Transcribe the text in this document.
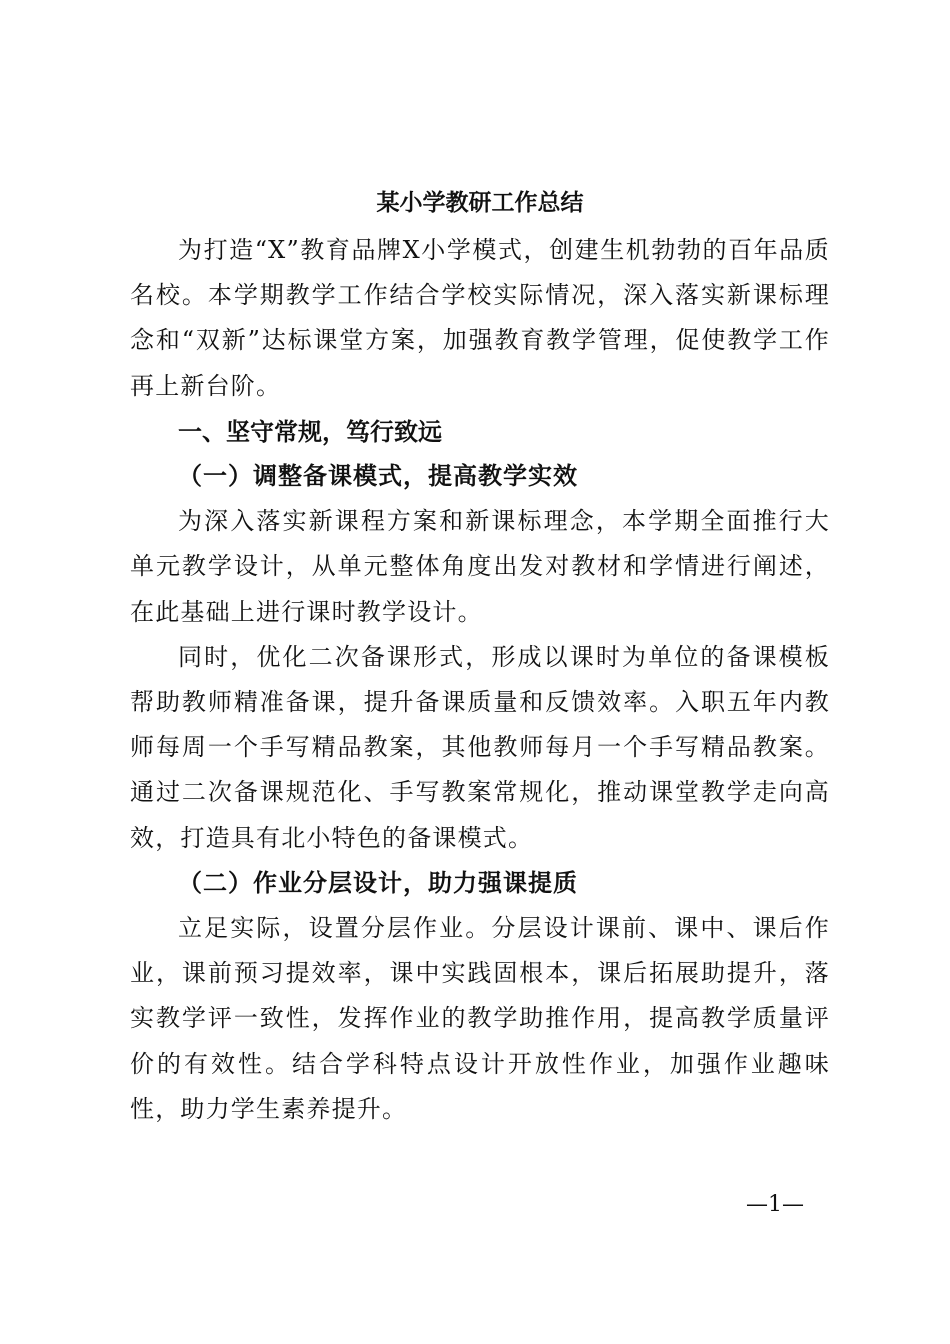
某小学教研工作总结

为打造“X”教育品牌X小学模式，创建生机勃勃的百年品质名校。本学期教学工作结合学校实际情况，深入落实新课标理念和“双新”达标课堂方案，加强教育教学管理，促使教学工作再上新台阶。

一、坚守常规，笃行致远

（一）调整备课模式，提高教学实效

为深入落实新课程方案和新课标理念，本学期全面推行大单元教学设计，从单元整体角度出发对教材和学情进行阐述，在此基础上进行课时教学设计。

同时，优化二次备课形式，形成以课时为单位的备课模板帮助教师精准备课，提升备课质量和反馈效率。入职五年内教师每周一个手写精品教案，其他教师每月一个手写精品教案。通过二次备课规范化、手写教案常规化，推动课堂教学走向高效，打造具有北小特色的备课模式。

（二）作业分层设计，助力强课提质

立足实际，设置分层作业。分层设计课前、课中、课后作业，课前预习提效率，课中实践固根本，课后拓展助提升，落实教学评一致性，发挥作业的教学助推作用，提高教学质量评价的有效性。结合学科特点设计开放性作业，加强作业趣味性，助力学生素养提升。

—1—
